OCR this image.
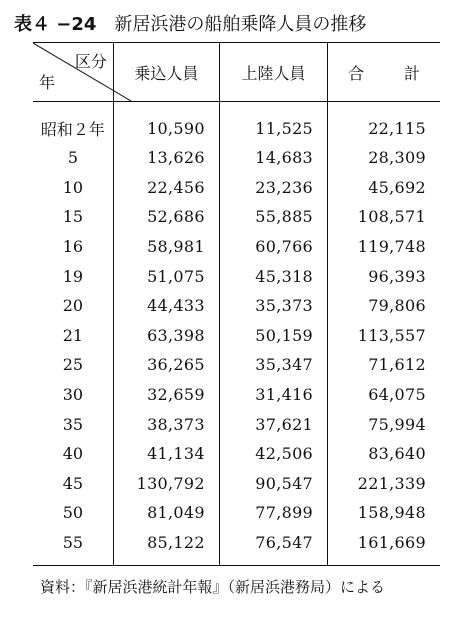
表４ −24 新居浜港の船舶乗降人員の推移
区分
年	乗込人員	上陸人員	合 計
昭和２年	10,590	11,525	22,115
5	13,626	14,683	28,309
10	22,456	23,236	45,692
15	52,686	55,885	108,571
16	58,981	60,766	119,748
19	51,075	45,318	96,393
20	44,433	35,373	79,806
21	63,398	50,159	113,557
25	36,265	35,347	71,612
30	32,659	31,416	64,075
35	38,373	37,621	75,994
40	41,134	42,506	83,640
45	130,792	90,547	221,339
50	81,049	77,899	158,948
55	85,122	76,547	161,669
資料：『新居浜港統計年報』（新居浜港務局）による
